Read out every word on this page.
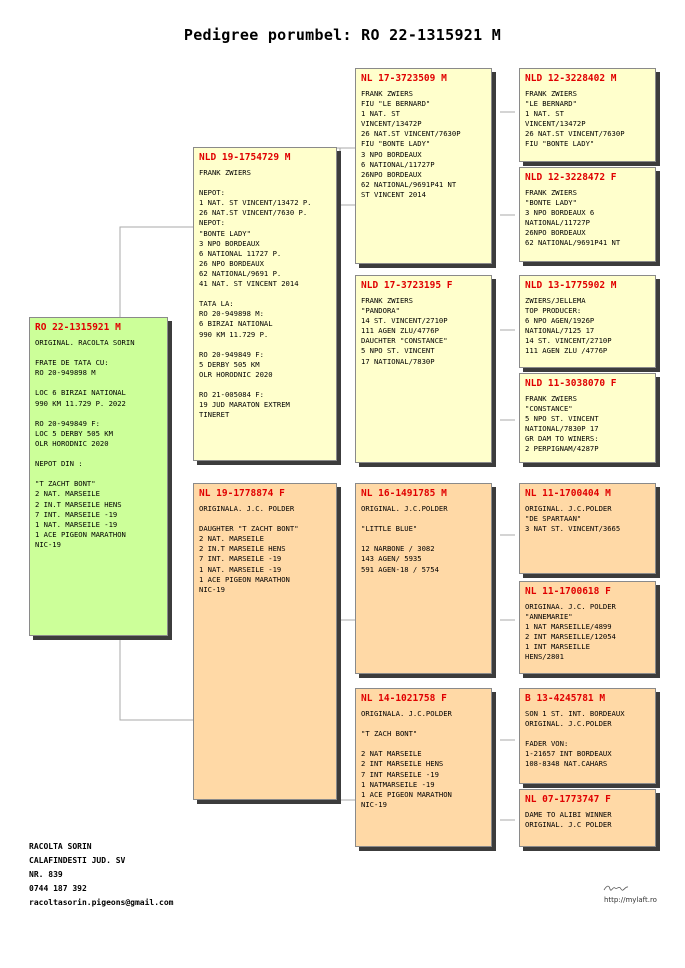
Pedigree porumbel: RO 22-1315921 M
RO 22-1315921 M
ORIGINAL. RACOLTA SORIN

FRATE DE TATA CU:
RO 20-949898 M

LOC 6 BIRZAI NATIONAL
990 KM 11.729 P. 2022

RO 20-949849 F:
LOC 5 DERBY 505 KM
OLR HORODNIC 2020

NEPOT DIN :

"T ZACHT BONT"
2 NAT. MARSEILE
2 IN.T MARSEILE HENS
7 INT. MARSEILE -19
1 NAT. MARSEILE -19
1 ACE PIGEON MARATHON
NIC-19
NLD 19-1754729 M
FRANK ZWIERS

NEPOT:
1 NAT. ST VINCENT/13472 P.
26 NAT.ST VINCENT/7630 P.
NEPOT:
"BONTE LADY"
3 NPO BORDEAUX
6 NATIONAL 11727 P.
26 NPO BORDEAUX
62 NATIONAL/9691 P.
41 NAT. ST VINCENT 2014

TATA LA:
RO 20-949898 M:
6 BIRZAI NATIONAL
990 KM 11.729 P.

RO 20-949849 F:
5 DERBY 505 KM
OLR HORODNIC 2020

RO 21-005084 F:
19 JUD MARATON EXTREM
TINERET
NL 19-1778874 F
ORIGINALA. J.C. POLDER

DAUGHTER "T ZACHT BONT"
2 NAT. MARSEILE
2 IN.T MARSEILE HENS
7 INT. MARSEILE -19
1 NAT. MARSEILE -19
1 ACE PIGEON MARATHON
NIC-19
NL 17-3723509 M
FRANK ZWIERS
FIU "LE BERNARD"
1 NAT. ST
VINCENT/13472P
26 NAT.ST VINCENT/7630P
FIU "BONTE LADY"
3 NPO BORDEAUX
6 NATIONAL/11727P
26NPO BORDEAUX
62 NATIONAL/9691P41 NT
ST VINCENT 2014
NLD 17-3723195 F
FRANK ZWIERS
"PANDORA"
14 ST. VINCENT/2710P
111 AGEN ZLU/4776P
DAUCHTER "CONSTANCE"
5 NPO ST. VINCENT
17 NATIONAL/7830P
NL 16-1491785 M
ORIGINAL. J.C.POLDER

"LITTLE BLUE"

12 NARBONE / 3082
143 AGEN/ 5935
591 AGEN-18 / 5754
NL 14-1021758 F
ORIGINALA. J.C.POLDER

"T ZACH BONT"

2 NAT MARSEILE
2 INT MARSEILE HENS
7 INT MARSEILE -19
1 NATMARSEILE -19
1 ACE PIGEON MARATHON
NIC-19
NLD 12-3228402 M
FRANK ZWIERS
"LE BERNARD"
1 NAT. ST
VINCENT/13472P
26 NAT.ST VINCENT/7630P
FIU "BONTE LADY"
NLD 12-3228472 F
FRANK ZWIERS
"BONTE LADY"
3 NPO BORDEAUX 6
NATIONAL/11727P
26NPO BORDEAUX
62 NATIONAL/9691P41 NT
NLD 13-1775902 M
ZWIERS/JELLEMA
TOP PRODUCER:
6 NPO AGEN/1926P
NATIONAL/7125 17
14 ST. VINCENT/2710P
111 AGEN ZLU /4776P
NLD 11-3038070 F
FRANK ZWIERS
"CONSTANCE"
5 NPO ST. VINCENT
NATIONAL/7830P 17
GR DAM TO WINERS:
2 PERPIGNAM/4287P
NL 11-1700404 M
ORIGINAL. J.C.POLDER
"DE SPARTAAN"
3 NAT ST. VINCENT/3665
NL 11-1700618 F
ORIGINAA. J.C. POLDER
"ANNEMARIE"
1 NAT MARSEILLE/4899
2 INT MARSEILLE/12054
1 INT MARSEILLE
HENS/2801
B 13-4245781 M
SON 1 ST. INT. BORDEAUX
ORIGINAL. J.C.POLDER

FADER VON:
1-21657 INT BORDEAUX
108-8348 NAT.CAHARS
NL 07-1773747 F
DAME TO ALIBI WINNER
ORIGINAL. J.C POLDER
RACOLTA SORIN
CALAFINDESTI JUD. SV
NR. 839
0744 187 392
racoltasorin.pigeons@gmail.com	http://mylaft.ro
